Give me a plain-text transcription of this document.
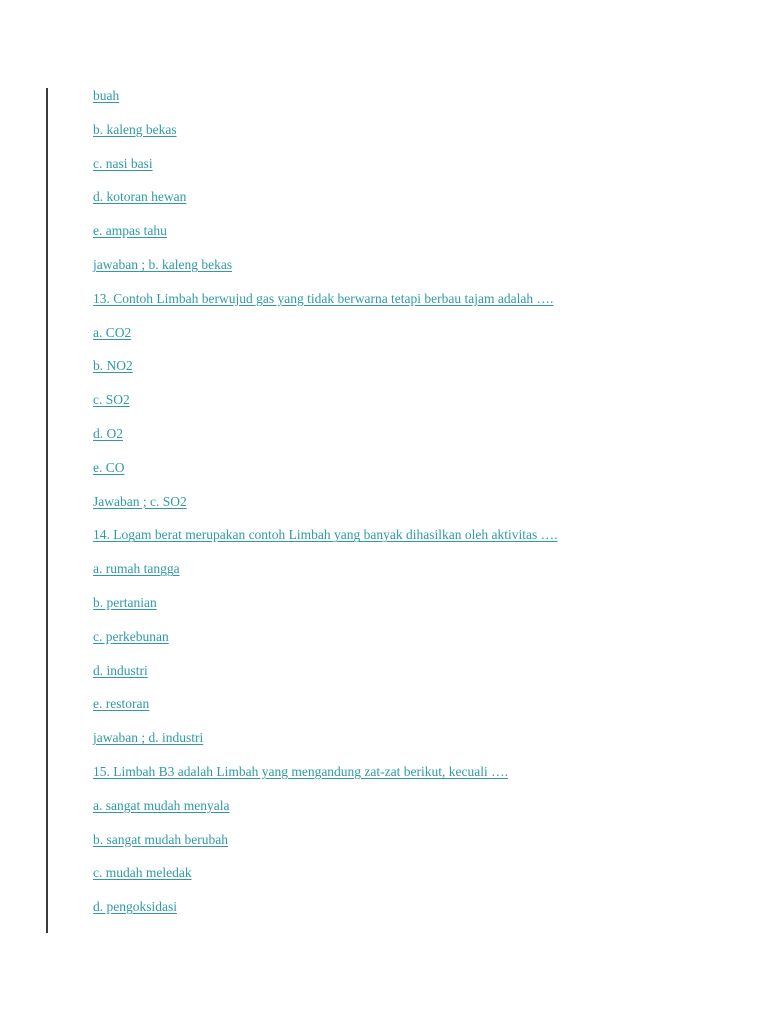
buah
b. kaleng bekas
c. nasi basi
d. kotoran hewan
e. ampas tahu
jawaban ; b. kaleng bekas
13. Contoh Limbah berwujud gas yang tidak berwarna tetapi berbau tajam adalah ….
a. CO2
b. NO2
c. SO2
d. O2
e. CO
Jawaban ; c. SO2
14. Logam berat merupakan contoh Limbah yang banyak dihasilkan oleh aktivitas ….
a. rumah tangga
b. pertanian
c. perkebunan
d. industri
e. restoran
jawaban ; d. industri
15. Limbah B3 adalah Limbah yang mengandung zat-zat berikut, kecuali ….
a. sangat mudah menyala
b. sangat mudah berubah
c. mudah meledak
d. pengoksidasi
